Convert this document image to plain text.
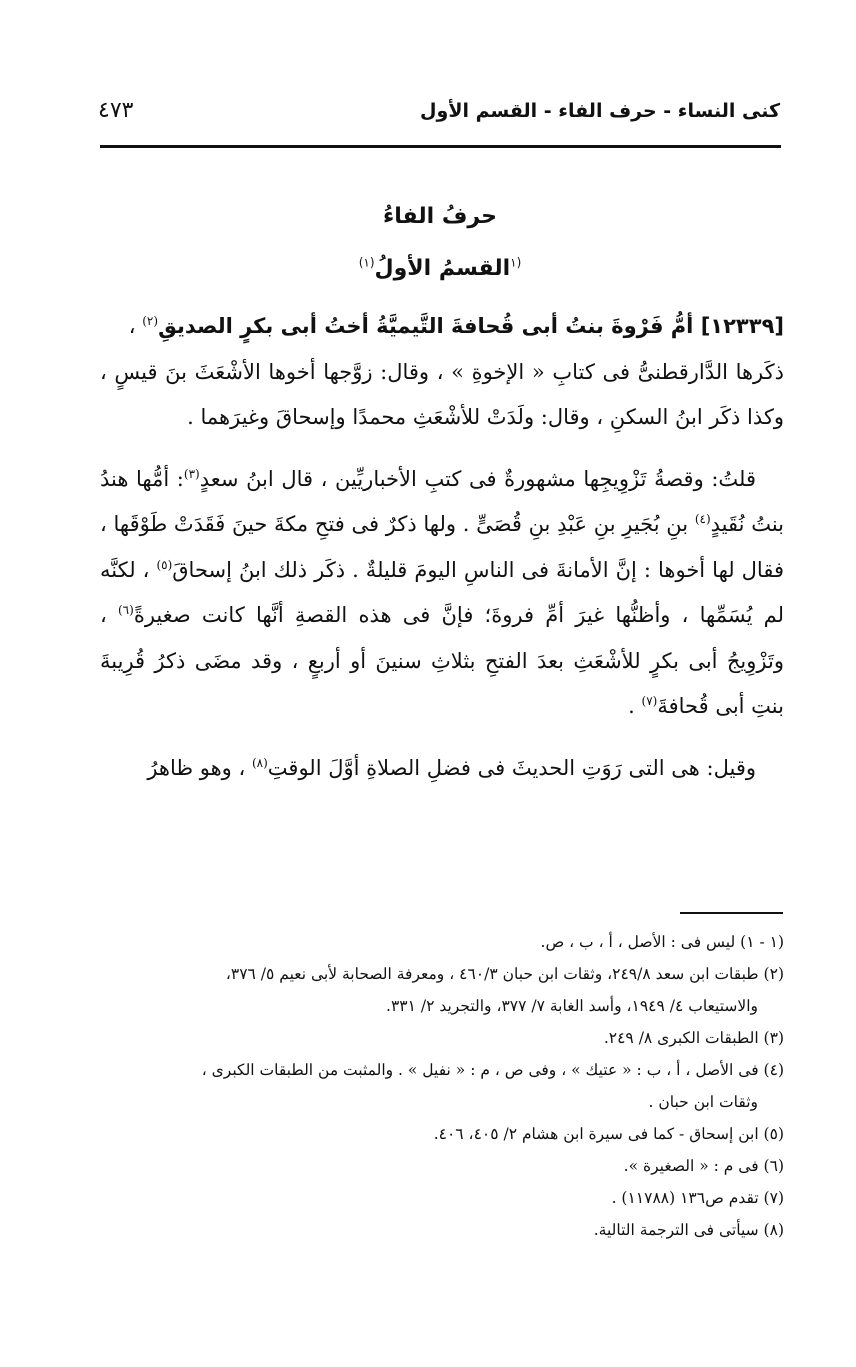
كنى النساء - حرف الفاء - القسم الأول
٤٧٣
حرفُ الفاءُ
$^{(١}$القسمُ الأولُ$^{(١)}$

[١٢٣٣٩] أمُّ فَرْوةَ بنتُ أبى قُحافةَ التَّيميَّةُ أختُ أبى بكرٍ الصديقِ$^{(٢)}$ ،

ذكَرها الدَّارقطنىُّ فى كتابِ « الإخوةِ » ، وقال: زوَّجها أخوها الأشْعَثَ بنَ قيسٍ ، وكذا ذكَر ابنُ السكنِ ، وقال: ولَدَتْ للأشْعَثِ محمدًا وإسحاقَ وغيرَهما .

قلتُ: وقصةُ تَزْوِيجِها مشهورةٌ فى كتبِ الأخباريِّين ، قال ابنُ سعدٍ$^{(٣)}$: أمُّها هندُ بنتُ نُقَيدٍ$^{(٤)}$ بنِ بُجَيرِ بنِ عَبْدِ بنِ قُصَىٍّ . ولها ذكرٌ فى فتحِ مكةَ حينَ فَقَدَتْ طَوْقَها ، فقال لها أخوها : إنَّ الأمانةَ فى الناسِ اليومَ قليلةٌ . ذكَر ذلك ابنُ إسحاقَ$^{(٥)}$ ، لكنَّه لم يُسَمِّها ، وأظنُّها غيرَ أمِّ فروةَ؛ فإنَّ فى هذه القصةِ أنَّها كانت صغيرةً$^{(٦)}$ ، وتَزْوِيجُ أبى بكرٍ للأشْعَثِ بعدَ الفتحِ بثلاثِ سنينَ أو أربعٍ ، وقد مضَى ذكرُ قُرِيبةَ بنتِ أبى قُحافةَ$^{(٧)}$ .

وقيل: هى التى رَوَتِ الحديثَ فى فضلِ الصلاةِ أوَّلَ الوقتِ$^{(٨)}$ ، وهو ظاهرُ

(١ - ١) ليس فى : الأصل ، أ ، ب ، ص.

(٢) طبقات ابن سعد ٢٤٩/٨، وثقات ابن حبان ٤٦٠/٣ ، ومعرفة الصحابة لأبى نعيم ٥/ ٣٧٦،

والاستيعاب ٤/ ١٩٤٩، وأسد الغابة ٧/ ٣٧٧، والتجريد ٢/ ٣٣١.

(٣) الطبقات الكبرى ٨/ ٢٤٩.

(٤) فى الأصل ، أ ، ب : « عتيك » ، وفى ص ، م : « نفيل » . والمثبت من الطبقات الكبرى ،

وثقات ابن حبان .

(٥) ابن إسحاق - كما فى سيرة ابن هشام ٢/ ٤٠٥، ٤٠٦.

(٦) فى م : « الصغيرة ».

(٧) تقدم ص١٣٦ (١١٧٨٨) .

(٨) سيأتى فى الترجمة التالية.
